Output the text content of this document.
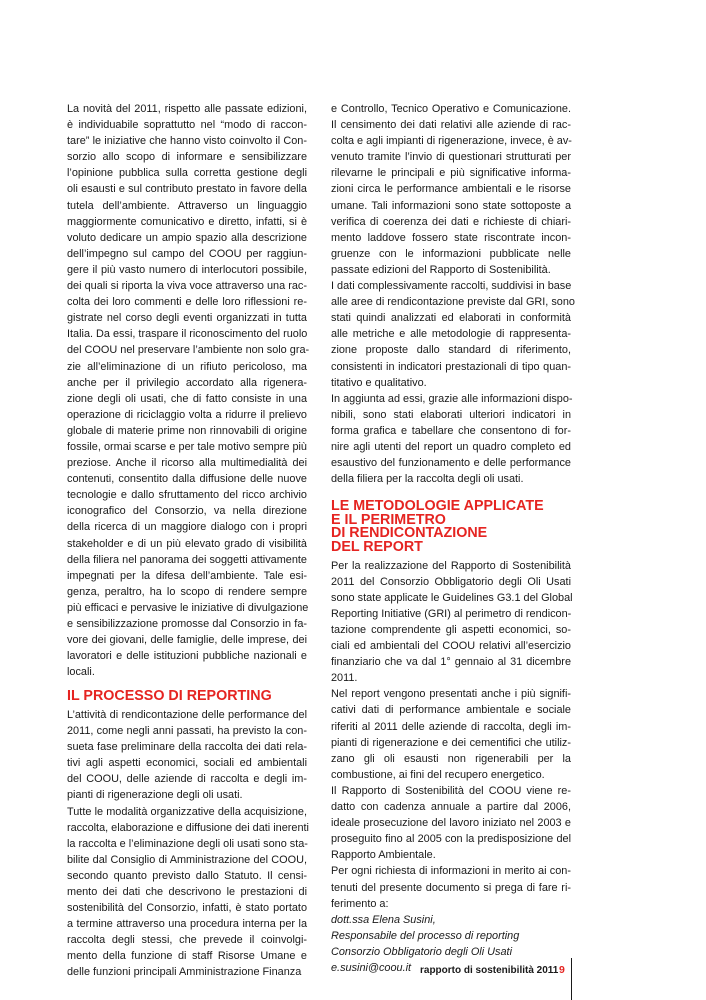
La novità del 2011, rispetto alle passate edizioni,
è individuabile soprattutto nel “modo di raccon-
tare” le iniziative che hanno visto coinvolto il Con-
sorzio allo scopo di informare e sensibilizzare
l’opinione pubblica sulla corretta gestione degli
oli esausti e sul contributo prestato in favore della
tutela dell’ambiente. Attraverso un linguaggio
maggiormente comunicativo e diretto, infatti, si è
voluto dedicare un ampio spazio alla descrizione
dell’impegno sul campo del COOU per raggiun-
gere il più vasto numero di interlocutori possibile,
dei quali si riporta la viva voce attraverso una rac-
colta dei loro commenti e delle loro riflessioni re-
gistrate nel corso degli eventi organizzati in tutta
Italia. Da essi, traspare il riconoscimento del ruolo
del COOU nel preservare l’ambiente non solo gra-
zie all’eliminazione di un rifiuto pericoloso, ma
anche per il privilegio accordato alla rigenera-
zione degli oli usati, che di fatto consiste in una
operazione di riciclaggio volta a ridurre il prelievo
globale di materie prime non rinnovabili di origine
fossile, ormai scarse e per tale motivo sempre più
preziose. Anche il ricorso alla multimedialità dei
contenuti, consentito dalla diffusione delle nuove
tecnologie e dallo sfruttamento del ricco archivio
iconografico del Consorzio, va nella direzione
della ricerca di un maggiore dialogo con i propri
stakeholder e di un più elevato grado di visibilità
della filiera nel panorama dei soggetti attivamente
impegnati per la difesa dell’ambiente. Tale esi-
genza, peraltro, ha lo scopo di rendere sempre
più efficaci e pervasive le iniziative di divulgazione
e sensibilizzazione promosse dal Consorzio in fa-
vore dei giovani, delle famiglie, delle imprese, dei
lavoratori e delle istituzioni pubbliche nazionali e
locali.
IL PROCESSO DI REPORTING
L’attività di rendicontazione delle performance del
2011, come negli anni passati, ha previsto la con-
sueta fase preliminare della raccolta dei dati rela-
tivi agli aspetti economici, sociali ed ambientali
del COOU, delle aziende di raccolta e degli im-
pianti di rigenerazione degli oli usati.
Tutte le modalità organizzative della acquisizione,
raccolta, elaborazione e diffusione dei dati inerenti
la raccolta e l’eliminazione degli oli usati sono sta-
bilite dal Consiglio di Amministrazione del COOU,
secondo quanto previsto dallo Statuto. Il censi-
mento dei dati che descrivono le prestazioni di
sostenibilità del Consorzio, infatti, è stato portato
a termine attraverso una procedura interna per la
raccolta degli stessi, che prevede il coinvolgi-
mento della funzione di staff Risorse Umane e
delle funzioni principali Amministrazione Finanza
e Controllo, Tecnico Operativo e Comunicazione.
Il censimento dei dati relativi alle aziende di rac-
colta e agli impianti di rigenerazione, invece, è av-
venuto tramite l’invio di questionari strutturati per
rilevarne le principali e più significative informa-
zioni circa le performance ambientali e le risorse
umane. Tali informazioni sono state sottoposte a
verifica di coerenza dei dati e richieste di chiari-
mento laddove fossero state riscontrate incon-
gruenze con le informazioni pubblicate nelle
passate edizioni del Rapporto di Sostenibilità.
I dati complessivamente raccolti, suddivisi in base
alle aree di rendicontazione previste dal GRI, sono
stati quindi analizzati ed elaborati in conformità
alle metriche e alle metodologie di rappresenta-
zione proposte dallo standard di riferimento,
consistenti in indicatori prestazionali di tipo quan-
titativo e qualitativo.
In aggiunta ad essi, grazie alle informazioni dispo-
nibili, sono stati elaborati ulteriori indicatori in
forma grafica e tabellare che consentono di for-
nire agli utenti del report un quadro completo ed
esaustivo del funzionamento e delle performance
della filiera per la raccolta degli oli usati.
LE METODOLOGIE APPLICATE
E IL PERIMETRO
DI RENDICONTAZIONE
DEL REPORT
Per la realizzazione del Rapporto di Sostenibilità
2011 del Consorzio Obbligatorio degli Oli Usati
sono state applicate le Guidelines G3.1 del Global
Reporting Initiative (GRI) al perimetro di rendicon-
tazione comprendente gli aspetti economici, so-
ciali ed ambientali del COOU relativi all’esercizio
finanziario che va dal 1° gennaio al 31 dicembre
2011.
Nel report vengono presentati anche i più signifi-
cativi dati di performance ambientale e sociale
riferiti al 2011 delle aziende di raccolta, degli im-
pianti di rigenerazione e dei cementifici che utiliz-
zano gli oli esausti non rigenerabili per la
combustione, ai fini del recupero energetico.
Il Rapporto di Sostenibilità del COOU viene re-
datto con cadenza annuale a partire dal 2006,
ideale prosecuzione del lavoro iniziato nel 2003 e
proseguito fino al 2005 con la predisposizione del
Rapporto Ambientale.
Per ogni richiesta di informazioni in merito ai con-
tenuti del presente documento si prega di fare ri-
ferimento a:
dott.ssa Elena Susini,
Responsabile del processo di reporting
Consorzio Obbligatorio degli Oli Usati
e.susini@coou.it rapporto di sostenibilità 2011 9
